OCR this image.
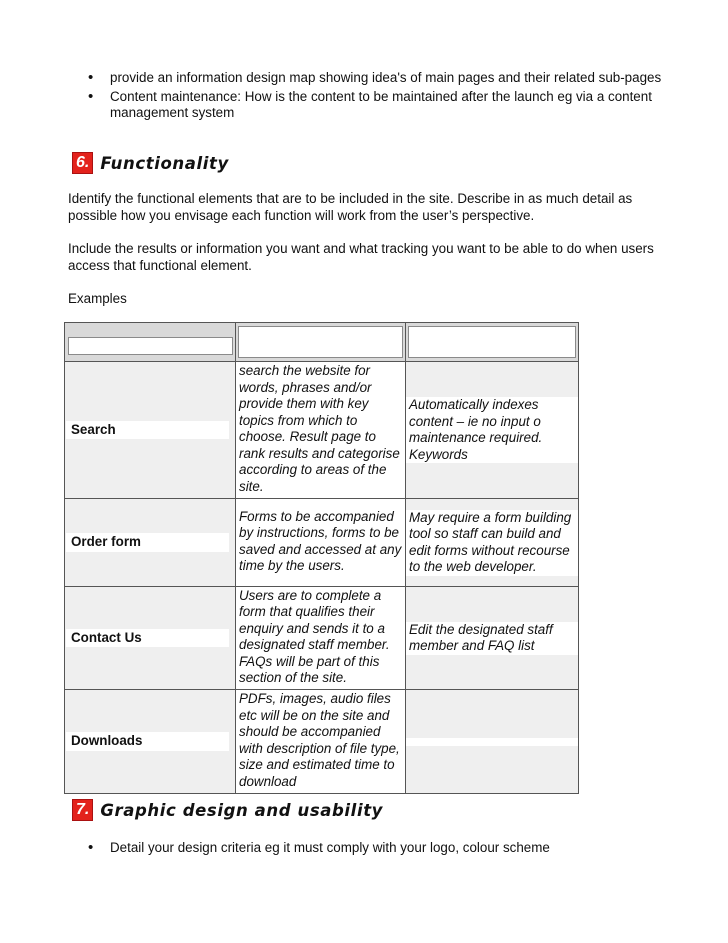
• provide an information design map showing idea's of main pages and their related sub-pages
• Content maintenance: How is the content to be maintained after the launch eg via a content management system
6. Functionality

Identify the functional elements that are to be included in the site. Describe in as much detail as possible how you envisage each function will work from the user’s perspective.

Include the results or information you want and what tracking you want to be able to do when users access that functional element.

Examples

Search	search the website for words, phrases and/or provide them with key topics from which to choose. Result page to rank results and categorise according to areas of the site.	Automatically indexes content – ie no input o maintenance required. Keywords

Order form	Forms to be accompanied by instructions, forms to be saved and accessed at any time by the users.	May require a form building tool so staff can build and edit forms without recourse to the web developer.

Contact Us	Users are to complete a form that qualifies their enquiry and sends it to a designated staff member. FAQs will be part of this section of the site.	Edit the designated staff member and FAQ list

Downloads	PDFs, images, audio files etc will be on the site and should be accompanied with description of file type, size and estimated time to download	

7. Graphic design and usability
• Detail your design criteria eg it must comply with your logo, colour scheme
